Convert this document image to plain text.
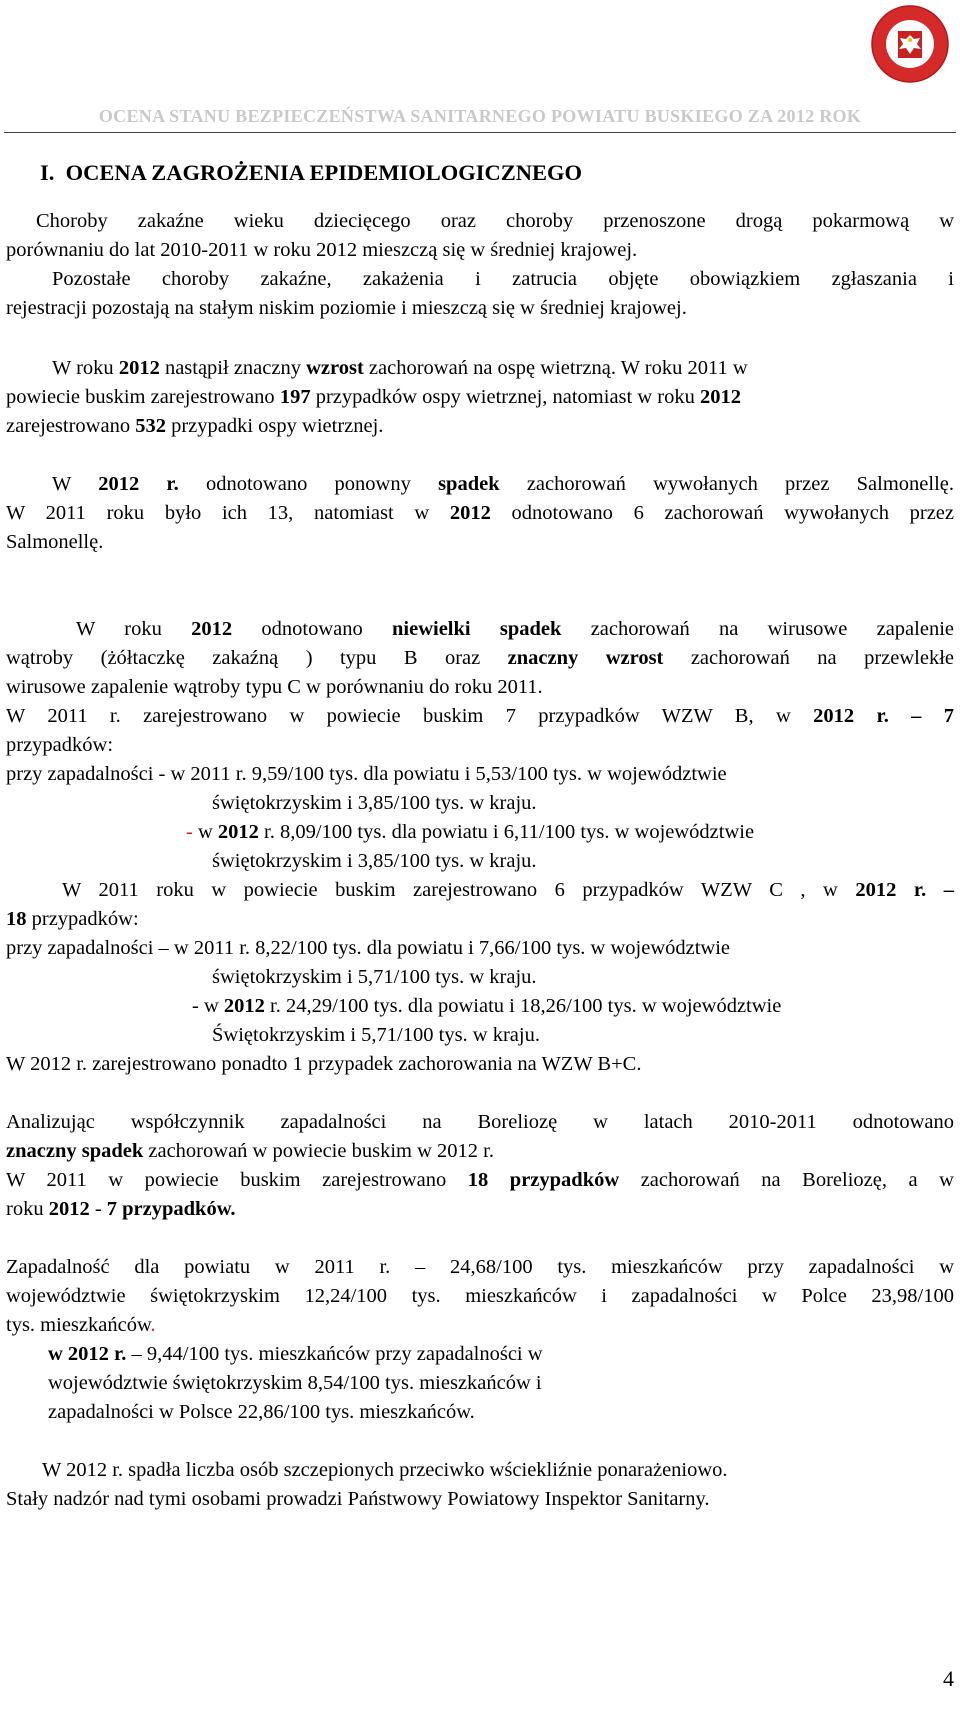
OCENA STANU BEZPIECZEŃSTWA SANITARNEGO POWIATU BUSKIEGO ZA 2012 ROK
I. OCENA ZAGROŻENIA EPIDEMIOLOGICZNEGO
Choroby zakaźne wieku dziecięcego oraz choroby przenoszone drogą pokarmową w
porównaniu do lat 2010-2011 w roku 2012 mieszczą się w średniej krajowej.
Pozostałe choroby zakaźne, zakażenia i zatrucia objęte obowiązkiem zgłaszania i
rejestracji pozostają na stałym niskim poziomie i mieszczą się w średniej krajowej.
W roku 2012 nastąpił znaczny wzrost zachorowań na ospę wietrzną. W roku 2011 w
powiecie buskim zarejestrowano 197 przypadków ospy wietrznej, natomiast w roku 2012
zarejestrowano 532 przypadki ospy wietrznej.
W 2012 r. odnotowano ponowny spadek zachorowań wywołanych przez Salmonellę.
W 2011 roku było ich 13, natomiast w 2012 odnotowano 6 zachorowań wywołanych przez
Salmonellę.
W roku 2012 odnotowano niewielki spadek zachorowań na wirusowe zapalenie
wątroby (żółtaczkę zakaźną ) typu B oraz znaczny wzrost zachorowań na przewlekłe
wirusowe zapalenie wątroby typu C w porównaniu do roku 2011.
W 2011 r. zarejestrowano w powiecie buskim 7 przypadków WZW B, w 2012 r. – 7
przypadków:
przy zapadalności - w 2011 r. 9,59/100 tys. dla powiatu i 5,53/100 tys. w województwie
świętokrzyskim i 3,85/100 tys. w kraju.
- w 2012 r. 8,09/100 tys. dla powiatu i 6,11/100 tys. w województwie
świętokrzyskim i 3,85/100 tys. w kraju.
W 2011 roku w powiecie buskim zarejestrowano 6 przypadków WZW C , w 2012 r. –
18 przypadków:
przy zapadalności – w 2011 r. 8,22/100 tys. dla powiatu i 7,66/100 tys. w województwie
świętokrzyskim i 5,71/100 tys. w kraju.
- w 2012 r. 24,29/100 tys. dla powiatu i 18,26/100 tys. w województwie
Świętokrzyskim i 5,71/100 tys. w kraju.
W 2012 r. zarejestrowano ponadto 1 przypadek zachorowania na WZW B+C.
Analizując współczynnik zapadalności na Boreliozę w latach 2010-2011 odnotowano
znaczny spadek zachorowań w powiecie buskim w 2012 r.
W 2011 w powiecie buskim zarejestrowano 18 przypadków zachorowań na Boreliozę, a w
roku 2012 - 7 przypadków.
Zapadalność dla powiatu w 2011 r. – 24,68/100 tys. mieszkańców przy zapadalności w
województwie świętokrzyskim 12,24/100 tys. mieszkańców i zapadalności w Polce 23,98/100
tys. mieszkańców.
w 2012 r. – 9,44/100 tys. mieszkańców przy zapadalności w
województwie świętokrzyskim 8,54/100 tys. mieszkańców i
zapadalności w Polsce 22,86/100 tys. mieszkańców.
W 2012 r. spadła liczba osób szczepionych przeciwko wściekliźnie ponarażeniowo.
Stały nadzór nad tymi osobami prowadzi Państwowy Powiatowy Inspektor Sanitarny.
4
